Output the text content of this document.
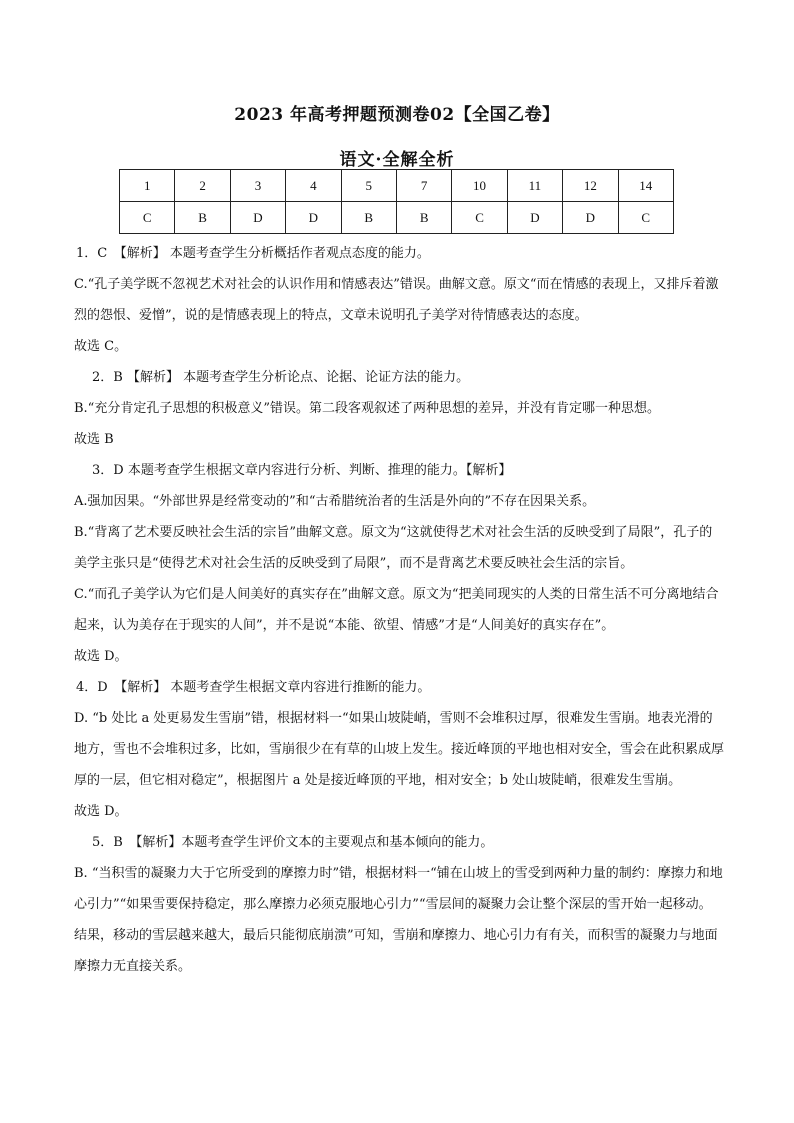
2023 年高考押题预测卷02【全国乙卷】
语文·全解全析
1	2	3	4	5	7	10	11	12	14
C	B	D	D	B	B	C	D	D	C

1．C　【解析】 本题考查学生分析概括作者观点态度的能力。

C.“孔子美学既不忽视艺术对社会的认识作用和情感表达”错误。曲解文意。原文“而在情感的表现上，又排斥着激烈的怨恨、爱憎”，说的是情感表现上的特点，文章未说明孔子美学对待情感表达的态度。

故选 C。

2．B 【解析】 本题考查学生分析论点、论据、论证方法的能力。

B.“充分肯定孔子思想的积极意义”错误。第二段客观叙述了两种思想的差异，并没有肯定哪一种思想。

故选 B

3．D 本题考查学生根据文章内容进行分析、判断、推理的能力。【解析】

A.强加因果。“外部世界是经常变动的”和“古希腊统治者的生活是外向的”不存在因果关系。

B.“背离了艺术要反映社会生活的宗旨”曲解文意。原文为“这就使得艺术对社会生活的反映受到了局限”，孔子的美学主张只是“使得艺术对社会生活的反映受到了局限”，而不是背离艺术要反映社会生活的宗旨。

C.“而孔子美学认为它们是人间美好的真实存在”曲解文意。原文为“把美同现实的人类的日常生活不可分离地结合起来，认为美存在于现实的人间”，并不是说“本能、欲望、情感”才是“人间美好的真实存在”。

故选 D。

4．D　【解析】 本题考查学生根据文章内容进行推断的能力。

D. “b 处比 a 处更易发生雪崩”错，根据材料一“如果山坡陡峭，雪则不会堆积过厚，很难发生雪崩。地表光滑的地方，雪也不会堆积过多，比如，雪崩很少在有草的山坡上发生。接近峰顶的平地也相对安全，雪会在此积累成厚厚的一层，但它相对稳定”，根据图片 a 处是接近峰顶的平地，相对安全；b 处山坡陡峭，很难发生雪崩。

故选 D。

5．B　【解析】本题考查学生评价文本的主要观点和基本倾向的能力。

B. “当积雪的凝聚力大于它所受到的摩擦力时”错，根据材料一“铺在山坡上的雪受到两种力量的制约：摩擦力和地心引力”“如果雪要保持稳定，那么摩擦力必须克服地心引力”“雪层间的凝聚力会让整个深层的雪开始一起移动。结果，移动的雪层越来越大，最后只能彻底崩溃”可知，雪崩和摩擦力、地心引力有有关，而积雪的凝聚力与地面摩擦力无直接关系。
